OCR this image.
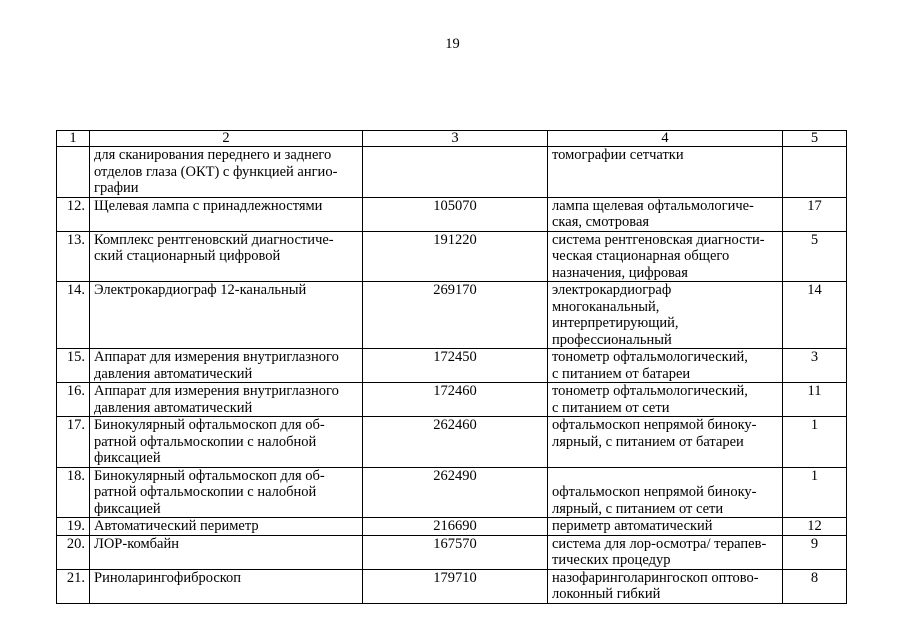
19
1	2	3	4	5

	для сканирования переднего и заднего
отделов глаза (ОКТ) с функцией ангио-
графии		томографии сетчатки	

12.	Щелевая лампа с принадлежностями	105070	лампа щелевая офтальмологиче-
ская, смотровая	17
13.	Комплекс рентгеновский диагностиче-
ский стационарный цифровой	191220	система рентгеновская диагности-
ческая стационарная общего
назначения, цифровая	5
14.	Электрокардиограф 12-канальный	269170	электрокардиограф
многоканальный,
интерпретирующий,
профессиональный	14
15.	Аппарат для измерения внутриглазного
давления автоматический	172450	тонометр офтальмологический,
с питанием от батареи	3
16.	Аппарат для измерения внутриглазного
давления автоматический	172460	тонометр офтальмологический,
с питанием от сети	11
17.	Бинокулярный офтальмоскоп для об-
ратной офтальмоскопии с налобной
фиксацией	262460	офтальмоскоп непрямой биноку-
лярный, с питанием от батареи	1
18.	Бинокулярный офтальмоскоп для об-
ратной офтальмоскопии с налобной
фиксацией	262490	офтальмоскоп непрямой биноку-
лярный, с питанием от сети	1
19.	Автоматический периметр	216690	периметр автоматический	12
20.	ЛОР-комбайн	167570	система для лор-осмотра/ терапев-
тических процедур	9
21.	Риноларингофиброскоп	179710	назофаринголарингоскоп оптово-
локонный гибкий	8
